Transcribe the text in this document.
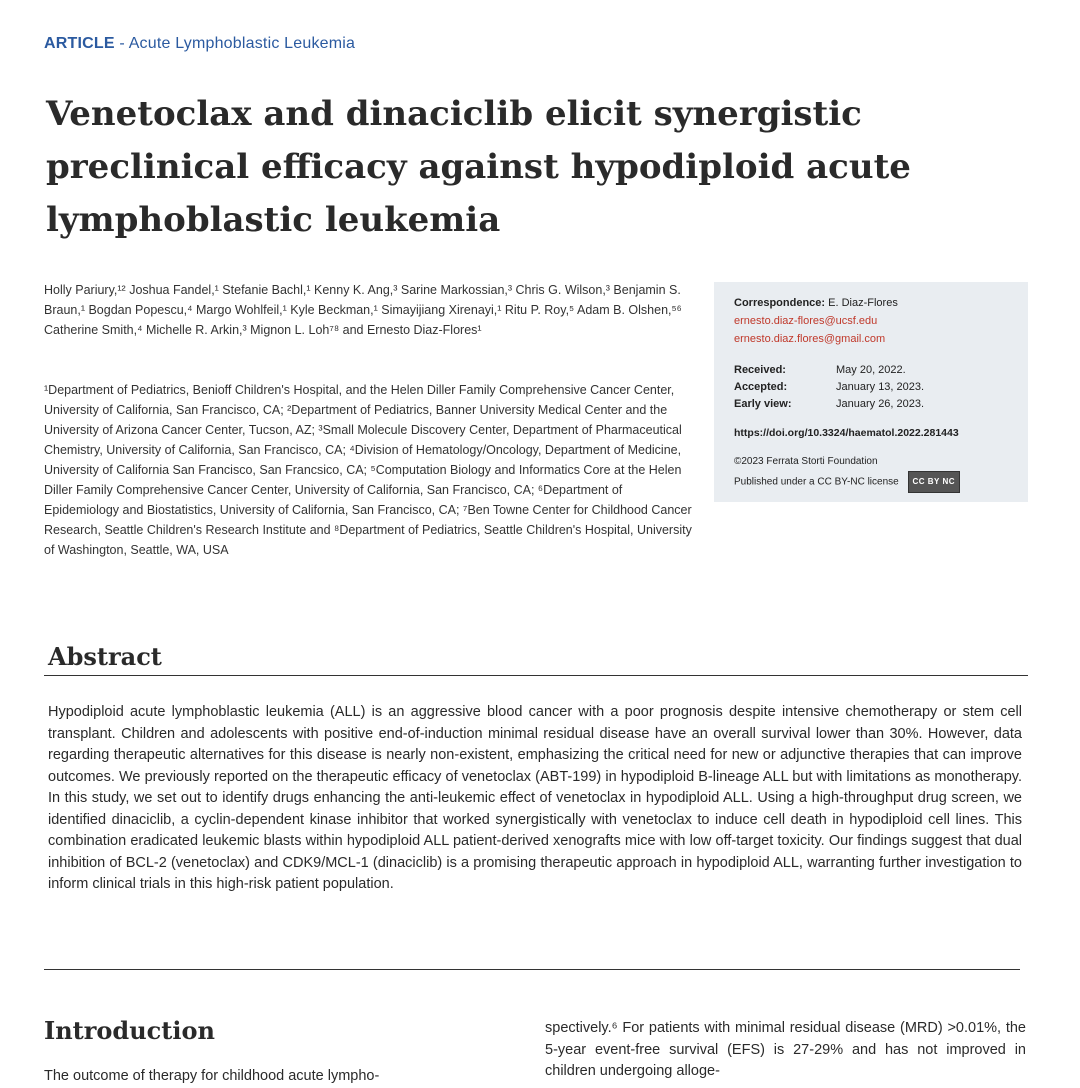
ARTICLE - Acute Lymphoblastic Leukemia
Venetoclax and dinaciclib elicit synergistic preclinical efficacy against hypodiploid acute lymphoblastic leukemia
Holly Pariury,¹² Joshua Fandel,¹ Stefanie Bachl,¹ Kenny K. Ang,³ Sarine Markossian,³ Chris G. Wilson,³ Benjamin S. Braun,¹ Bogdan Popescu,⁴ Margo Wohlfeil,¹ Kyle Beckman,¹ Simayijiang Xirenayi,¹ Ritu P. Roy,⁵ Adam B. Olshen,⁵⁶ Catherine Smith,⁴ Michelle R. Arkin,³ Mignon L. Loh⁷⁸ and Ernesto Diaz-Flores¹
¹Department of Pediatrics, Benioff Children's Hospital, and the Helen Diller Family Comprehensive Cancer Center, University of California, San Francisco, CA; ²Department of Pediatrics, Banner University Medical Center and the University of Arizona Cancer Center, Tucson, AZ; ³Small Molecule Discovery Center, Department of Pharmaceutical Chemistry, University of California, San Francisco, CA; ⁴Division of Hematology/Oncology, Department of Medicine, University of California San Francisco, San Francsico, CA; ⁵Computation Biology and Informatics Core at the Helen Diller Family Comprehensive Cancer Center, University of California, San Francisco, CA; ⁶Department of Epidemiology and Biostatistics, University of California, San Francisco, CA; ⁷Ben Towne Center for Childhood Cancer Research, Seattle Children's Research Institute and ⁸Department of Pediatrics, Seattle Children's Hospital, University of Washington, Seattle, WA, USA
Correspondence: E. Diaz-Flores
ernesto.diaz-flores@ucsf.edu
ernesto.diaz.flores@gmail.com
Received:	May 20, 2022.
Accepted:	January 13, 2023.
Early view:	January 26, 2023.
https://doi.org/10.3324/haematol.2022.281443
©2023 Ferrata Storti Foundation
Published under a CC BY-NC license CC BY NC
Abstract

Hypodiploid acute lymphoblastic leukemia (ALL) is an aggressive blood cancer with a poor prognosis despite intensive chemotherapy or stem cell transplant. Children and adolescents with positive end-of-induction minimal residual disease have an overall survival lower than 30%. However, data regarding therapeutic alternatives for this disease is nearly non-existent, emphasizing the critical need for new or adjunctive therapies that can improve outcomes. We previously reported on the therapeutic efficacy of venetoclax (ABT-199) in hypodiploid B-lineage ALL but with limitations as monotherapy. In this study, we set out to identify drugs enhancing the anti-leukemic effect of venetoclax in hypodiploid ALL. Using a high-throughput drug screen, we identified dinaciclib, a cyclin-dependent kinase inhibitor that worked synergistically with venetoclax to induce cell death in hypodiploid cell lines. This combination eradicated leukemic blasts within hypodiploid ALL patient-derived xenografts mice with low off-target toxicity. Our findings suggest that dual inhibition of BCL-2 (venetoclax) and CDK9/MCL-1 (dinaciclib) is a promising therapeutic approach in hypodiploid ALL, warranting further investigation to inform clinical trials in this high-risk patient population.

Introduction

The outcome of therapy for childhood acute lympho-

spectively.⁶ For patients with minimal residual disease (MRD) >0.01%, the 5-year event-free survival (EFS) is 27-29% and has not improved in children undergoing alloge-
